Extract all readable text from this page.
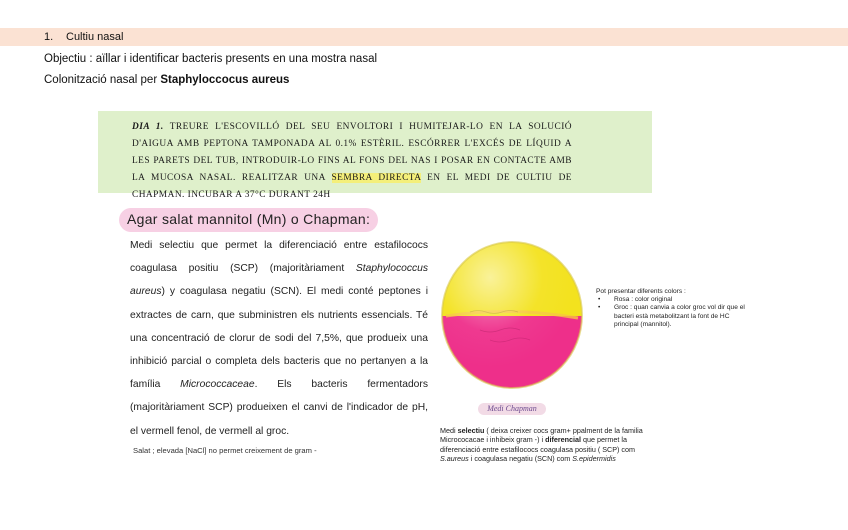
1. Cultiu nasal
Objectiu : aïllar i identificar bacteris presents en una mostra nasal
Colonització nasal per Staphyloccocus aureus
DIA 1. TREURE L'ESCOVILLÓ DEL SEU ENVOLTORI I HUMITEJAR-LO EN LA SOLUCIÓ D'AIGUA AMB PEPTONA TAMPONADA AL 0.1% ESTÈRIL. ESCÓRRER L'EXCÉS DE LÍQUID A LES PARETS DEL TUB, INTRODUIR-LO FINS AL FONS DEL NAS I POSAR EN CONTACTE AMB LA MUCOSA NASAL. REALITZAR UNA SEMBRA DIRECTA EN EL MEDI DE CULTIU DE CHAPMAN. INCUBAR A 37°C DURANT 24H
Agar salat mannitol (Mn) o Chapman:
Medi selectiu que permet la diferenciació entre estafilococs coagulasa positiu (SCP) (majoritàriament Staphylococcus aureus) y coagulasa negatiu (SCN). El medi conté peptones i extractes de carn, que subministren els nutrients essencials. Té una concentració de clorur de sodi del 7,5%, que produeix una inhibició parcial o completa dels bacteris que no pertanyen a la família Micrococcaceae. Els bacteris fermentadors (majoritàriament SCP) produeixen el canvi de l'indicador de pH, el vermell fenol, de vermell al groc.
Salat ; elevada [NaCl] no permet creixement de gram -
Medi Chapman
Pot presentar diferents colors :
• Rosa : color original
• Groc : quan canvia a color groc vol dir que el bacteri està metabolitzant la font de HC principal (mannitol).
Medi selectiu ( deixa creixer cocs gram+ ppalment de la familia Micrococacae i inhibeix gram -) i diferencial que permet la diferenciació entre estafilococs coagulasa positiu ( SCP) com S.aureus i coagulasa negatiu (SCN) com S.epidermidis
